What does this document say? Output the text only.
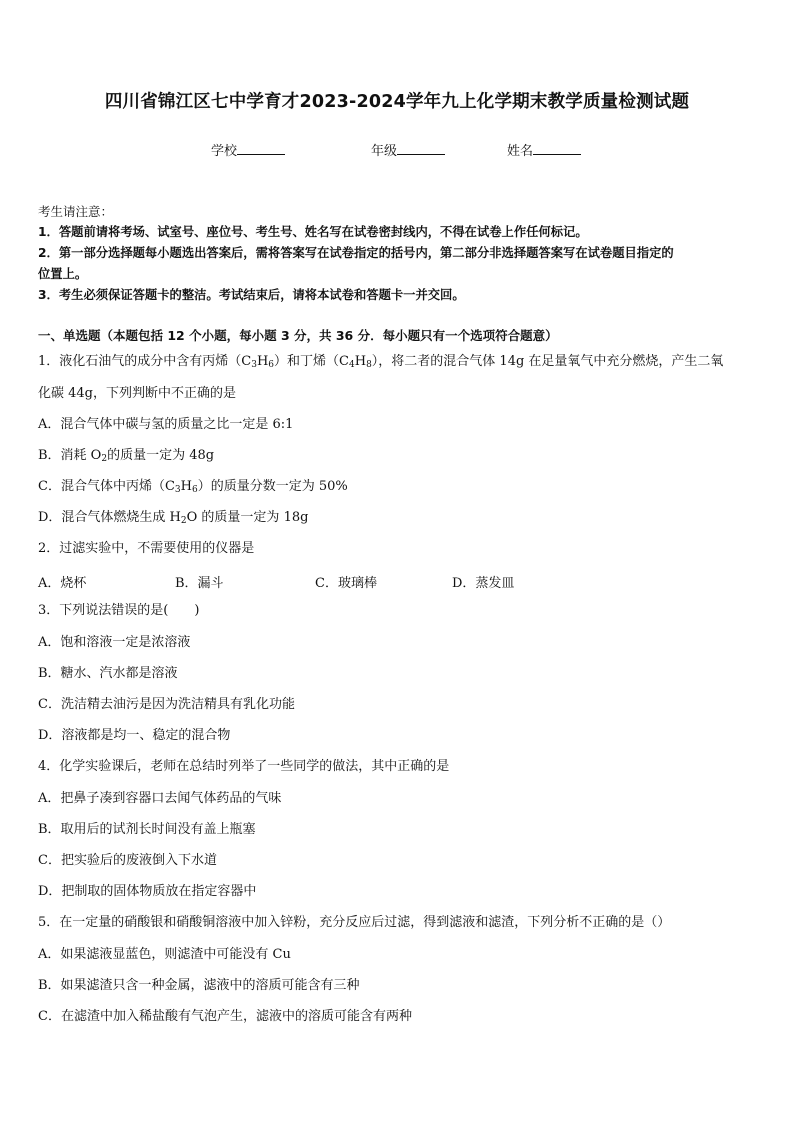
四川省锦江区七中学育才2023-2024学年九上化学期末教学质量检测试题
学校	年级	姓名
考生请注意：
1．答题前请将考场、试室号、座位号、考生号、姓名写在试卷密封线内，不得在试卷上作任何标记。
2．第一部分选择题每小题选出答案后，需将答案写在试卷指定的括号内，第二部分非选择题答案写在试卷题目指定的
位置上。
3．考生必须保证答题卡的整洁。考试结束后，请将本试卷和答题卡一并交回。
一、单选题（本题包括 12 个小题，每小题 3 分，共 36 分．每小题只有一个选项符合题意）
1．液化石油气的成分中含有丙烯$(C_3H_6)$和丁烯$(C_4H_8)$，将二者的混合气体 14g 在足量氧气中充分燃烧，产生二氧
化碳 44g，下列判断中不正确的是
A．混合气体中碳与氢的质量之比一定是 6:1
B．消耗 $O_2$的质量一定为 48g
C．混合气体中丙烯$(C_3H_6)$的质量分数一定为 50%
D．混合气体燃烧生成 $H_2O$ 的质量一定为 18g
2．过滤实验中，不需要使用的仪器是
A．烧杯	B．漏斗	C．玻璃棒	D．蒸发皿
3．下列说法错误的是(　　)
A．饱和溶液一定是浓溶液
B．糖水、汽水都是溶液
C．洗洁精去油污是因为洗洁精具有乳化功能
D．溶液都是均一、稳定的混合物
4．化学实验课后，老师在总结时列举了一些同学的做法，其中正确的是
A．把鼻子凑到容器口去闻气体药品的气味
B．取用后的试剂长时间没有盖上瓶塞
C．把实验后的废液倒入下水道
D．把制取的固体物质放在指定容器中
5．在一定量的硝酸银和硝酸铜溶液中加入锌粉，充分反应后过滤，得到滤液和滤渣，下列分析不正确的是（）
A．如果滤液显蓝色，则滤渣中可能没有 Cu
B．如果滤渣只含一种金属，滤液中的溶质可能含有三种
C．在滤渣中加入稀盐酸有气泡产生，滤液中的溶质可能含有两种
